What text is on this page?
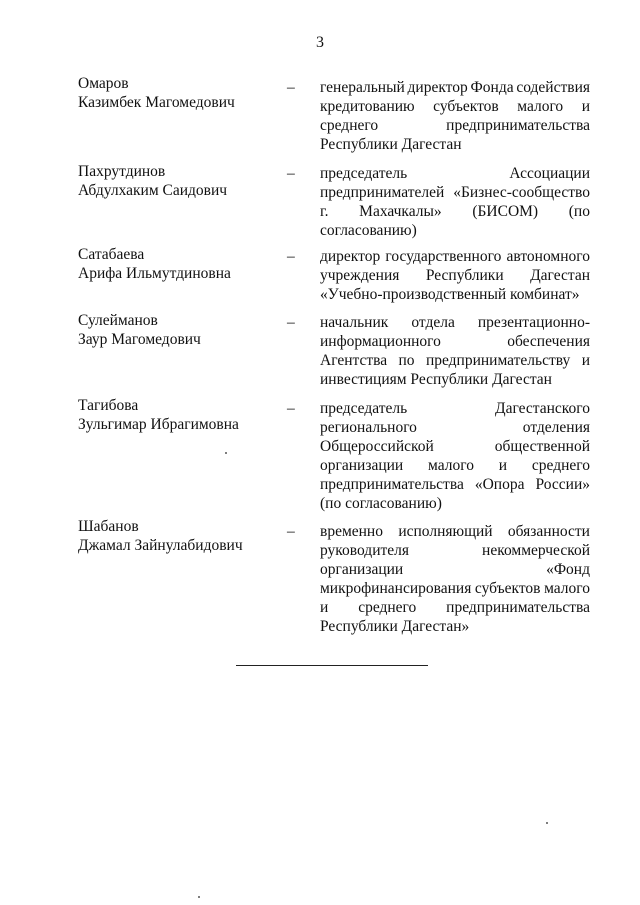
3
Омаров
Казимбек Магомедович
– генеральный директор Фонда содействия
кредитованию субъектов малого и
среднего	предпринимательства
Республики Дагестан
Пахрутдинов
Абдулхаким Саидович
– председатель	Ассоциации
предпринимателей «Бизнес-сообщество
г. Махачкалы» (БИСОМ) (по
согласованию)
Сатабаева
Арифа Ильмутдиновна
– директор государственного автономного
учреждения Республики Дагестан
«Учебно-производственный комбинат»
Сулейманов
Заур Магомедович
– начальник отдела презентационно-
информационного	обеспечения
Агентства по предпринимательству и
инвестициям Республики Дагестан
Тагибова
Зульгимар Ибрагимовна
– председатель	Дагестанского
регионального	отделения
Общероссийской	общественной
организации малого и среднего
предпринимательства «Опора России»
(по согласованию)
Шабанов
Джамал Зайнулабидович
– временно исполняющий обязанности
руководителя	некоммерческой
организации	«Фонд
микрофинансирования субъектов малого
и среднего предпринимательства
Республики Дагестан»
